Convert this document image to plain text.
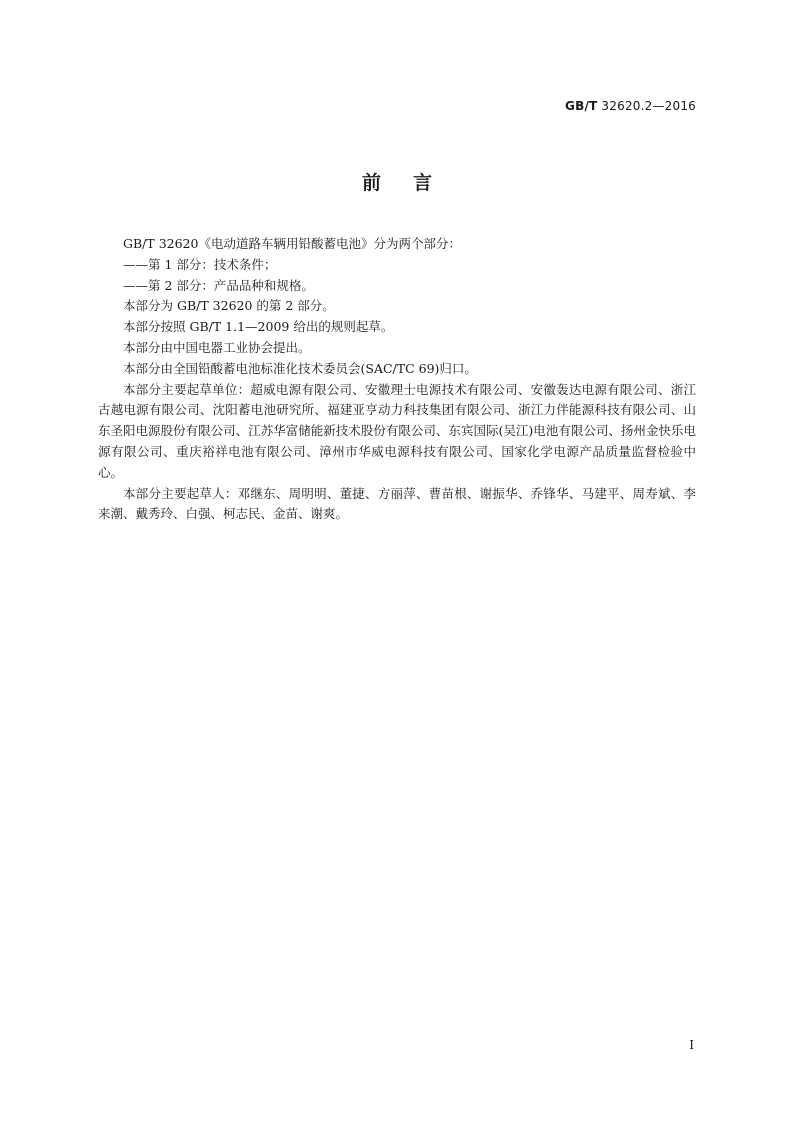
GB/T 32620.2—2016
前言

GB/T 32620《电动道路车辆用铅酸蓄电池》分为两个部分：

——第 1 部分：技术条件；

——第 2 部分：产品品种和规格。

本部分为 GB/T 32620 的第 2 部分。

本部分按照 GB/T 1.1—2009 给出的规则起草。

本部分由中国电器工业协会提出。

本部分由全国铅酸蓄电池标准化技术委员会(SAC/TC 69)归口。

本部分主要起草单位：超威电源有限公司、安徽理士电源技术有限公司、安徽轰达电源有限公司、浙江古越电源有限公司、沈阳蓄电池研究所、福建亚亨动力科技集团有限公司、浙江力伴能源科技有限公司、山东圣阳电源股份有限公司、江苏华富储能新技术股份有限公司、东宾国际(吴江)电池有限公司、扬州金快乐电源有限公司、重庆裕祥电池有限公司、漳州市华威电源科技有限公司、国家化学电源产品质量监督检验中心。

本部分主要起草人：邓继东、周明明、董捷、方丽萍、曹苗根、谢振华、乔锋华、马建平、周寿斌、李来潮、戴秀玲、白强、柯志民、金苗、谢爽。

I
